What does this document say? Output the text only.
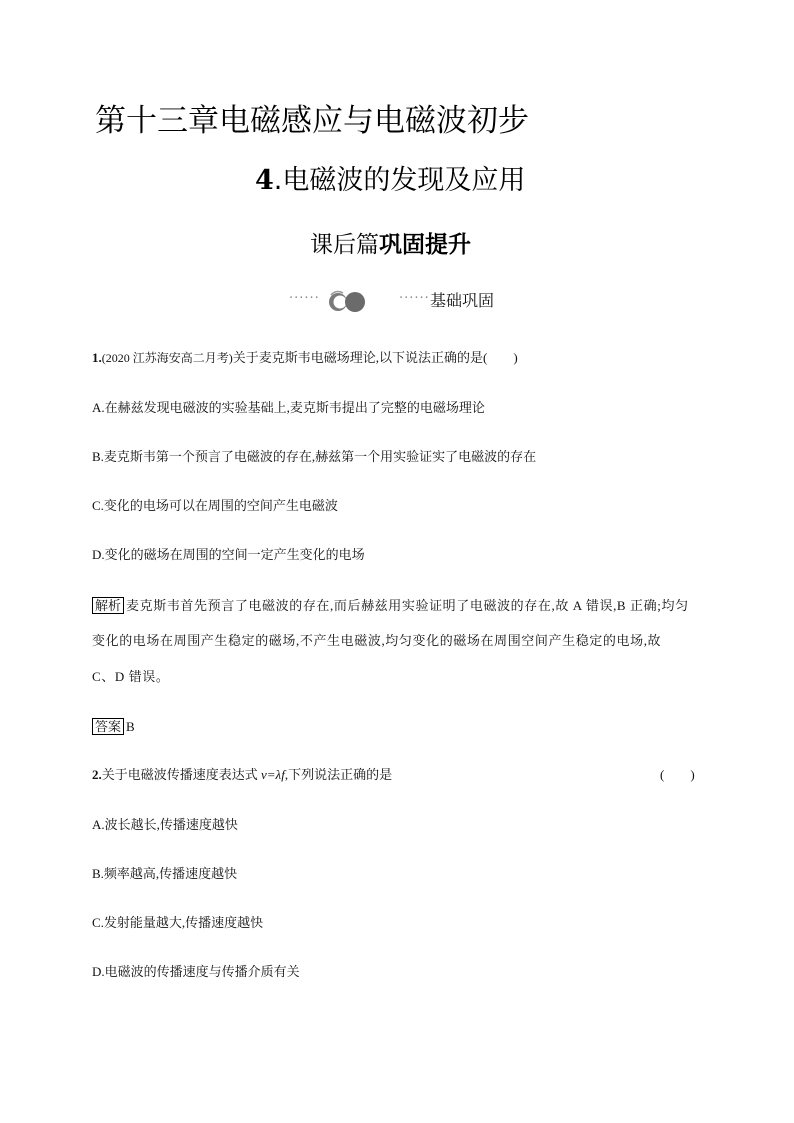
第十三章电磁感应与电磁波初步
4.电磁波的发现及应用
课后篇巩固提升
······	······ 基础巩固
1.(2020 江苏海安高二月考)关于麦克斯韦电磁场理论,以下说法正确的是(　　)
A.在赫兹发现电磁波的实验基础上,麦克斯韦提出了完整的电磁场理论
B.麦克斯韦第一个预言了电磁波的存在,赫兹第一个用实验证实了电磁波的存在
C.变化的电场可以在周围的空间产生电磁波
D.变化的磁场在周围的空间一定产生变化的电场
解析 麦克斯韦首先预言了电磁波的存在,而后赫兹用实验证明了电磁波的存在,故 A 错误,B 正确;均匀
变化的电场在周围产生稳定的磁场,不产生电磁波,均匀变化的磁场在周围空间产生稳定的电场,故
C、D 错误。
答案 B
2.关于电磁波传播速度表达式 v=λf,下列说法正确的是	(　　)
A.波长越长,传播速度越快
B.频率越高,传播速度越快
C.发射能量越大,传播速度越快
D.电磁波的传播速度与传播介质有关
